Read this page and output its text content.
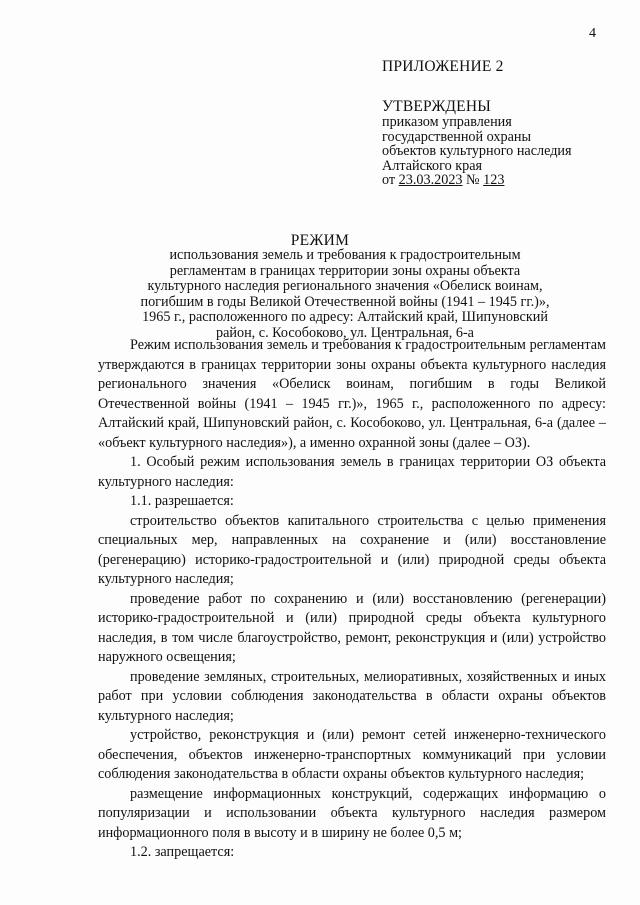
4
ПРИЛОЖЕНИЕ 2
УТВЕРЖДЕНЫ
приказом управления
государственной охраны
объектов культурного наследия
Алтайского края
от 23.03.2023 № 123
РЕЖИМ
использования земель и требования к градостроительным
регламентам в границах территории зоны охраны объекта
культурного наследия регионального значения «Обелиск воинам,
погибшим в годы Великой Отечественной войны (1941 – 1945 гг.)»,
1965 г., расположенного по адресу: Алтайский край, Шипуновский
район, с. Кособоково, ул. Центральная, 6-а

Режим использования земель и требования к градостроительным регламентам утверждаются в границах территории зоны охраны объекта культурного наследия регионального значения «Обелиск воинам, погибшим в годы Великой Отечественной войны (1941 – 1945 гг.)», 1965 г., расположенного по адресу: Алтайский край, Шипуновский район, с. Кособоково, ул. Центральная, 6-а (далее – «объект культурного наследия»), а именно охранной зоны (далее – ОЗ).

1. Особый режим использования земель в границах территории ОЗ объекта культурного наследия:

1.1. разрешается:

строительство объектов капитального строительства с целью применения специальных мер, направленных на сохранение и (или) восстановление (регенерацию) историко-градостроительной и (или) природной среды объекта культурного наследия;

проведение работ по сохранению и (или) восстановлению (регенерации) историко-градостроительной и (или) природной среды объекта культурного наследия, в том числе благоустройство, ремонт, реконструкция и (или) устройство наружного освещения;

проведение земляных, строительных, мелиоративных, хозяйственных и иных работ при условии соблюдения законодательства в области охраны объектов культурного наследия;

устройство, реконструкция и (или) ремонт сетей инженерно-технического обеспечения, объектов инженерно-транспортных коммуникаций при условии соблюдения законодательства в области охраны объектов культурного наследия;

размещение информационных конструкций, содержащих информацию о популяризации и использовании объекта культурного наследия размером информационного поля в высоту и в ширину не более 0,5 м;

1.2. запрещается:
